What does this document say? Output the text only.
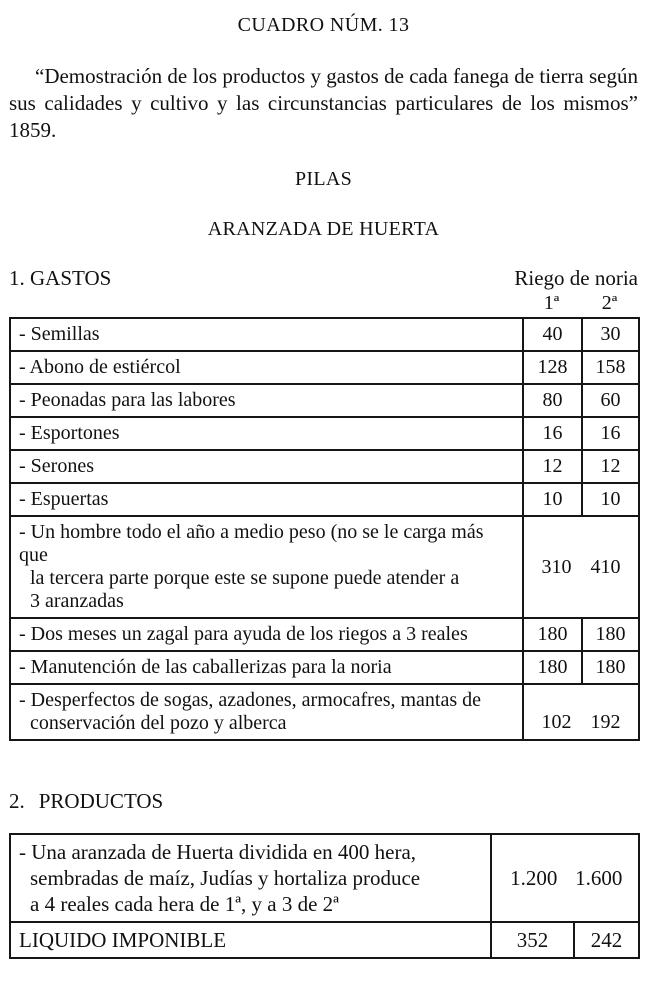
CUADRO NÚM. 13
“Demostración de los productos y gastos de cada fanega de tierra según sus calidades y cultivo y las circunstancias particulares de los mismos” 1859.
PILAS
ARANZADA DE HUERTA
1. GASTOS	Riego de noria
1ª	2ª
- Semillas	40	30
- Abono de estiércol	128	158
- Peonadas para las labores	80	60
- Esportones	16	16
- Serones	12	12
- Espuertas	10	10

- Un hombre todo el año a medio peso (no se le carga más que
la tercera parte porque este se supone puede atender a
3 aranzadas

310 410

- Dos meses un zagal para ayuda de los riegos a 3 reales	180	180
- Manutención de las caballerizas para la noria	180	180

- Desperfectos de sogas, azadones, armocafres, mantas de
conservación del pozo y alberca	102 192
2. PRODUCTOS
- Una aranzada de Huerta dividida en 400 hera,
sembradas de maíz, Judías y hortaliza produce
a 4 reales cada hera de 1ª, y a 3 de 2ª

1.200 1.600

LIQUIDO IMPONIBLE	352	242
